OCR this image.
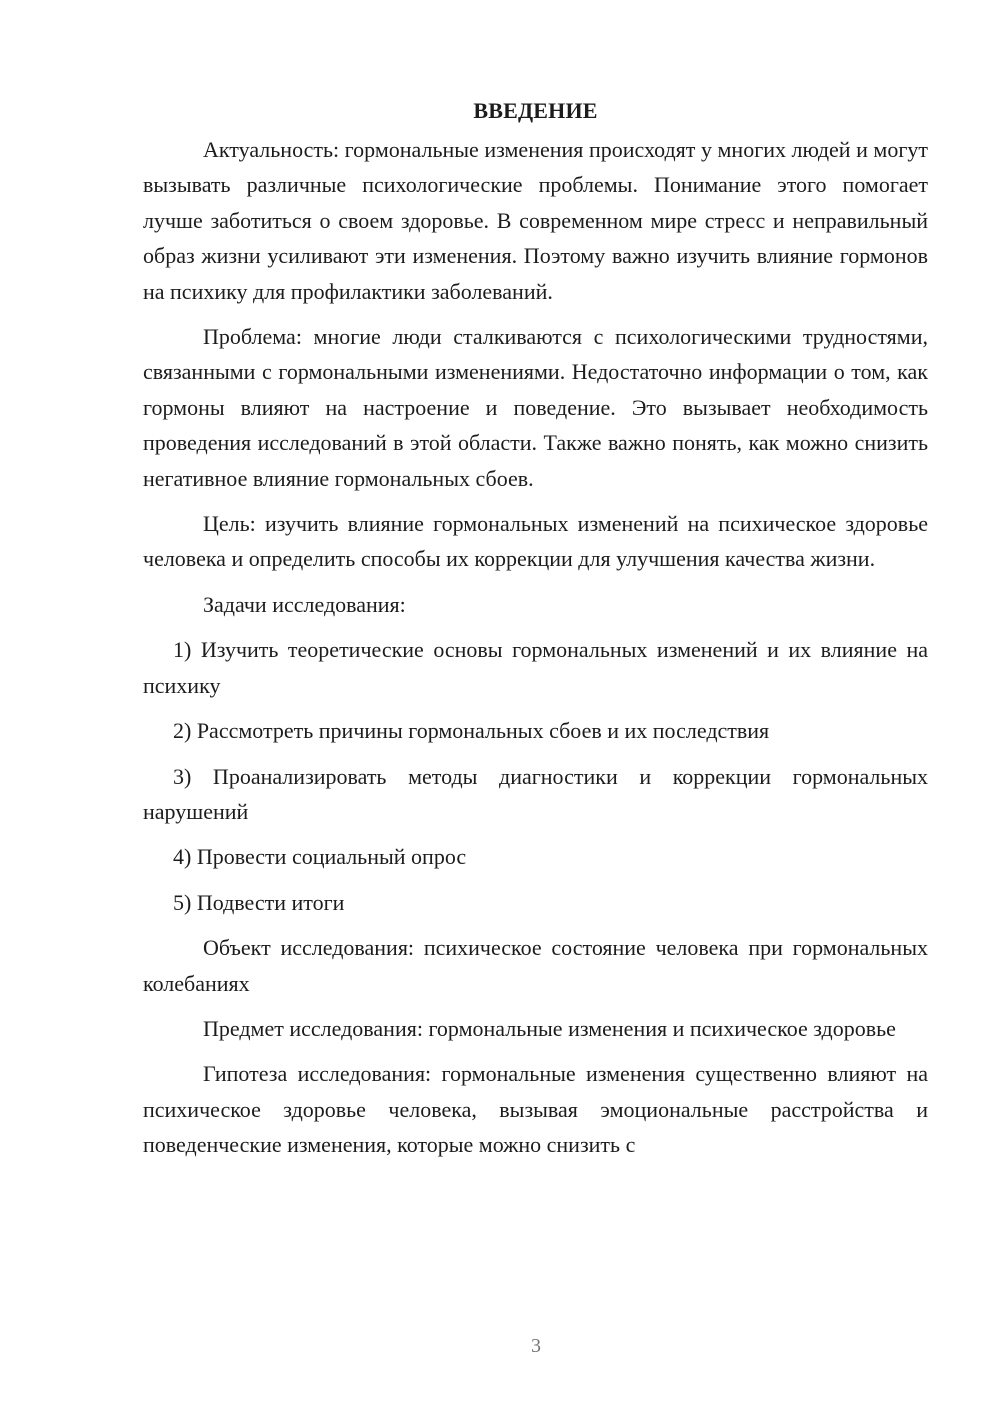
ВВЕДЕНИЕ

Актуальность: гормональные изменения происходят у многих людей и могут вызывать различные психологические проблемы. Понимание этого помогает лучше заботиться о своем здоровье. В современном мире стресс и неправильный образ жизни усиливают эти изменения. Поэтому важно изучить влияние гормонов на психику для профилактики заболеваний.

Проблема: многие люди сталкиваются с психологическими трудностями, связанными с гормональными изменениями. Недостаточно информации о том, как гормоны влияют на настроение и поведение. Это вызывает необходимость проведения исследований в этой области. Также важно понять, как можно снизить негативное влияние гормональных сбоев.

Цель: изучить влияние гормональных изменений на психическое здоровье человека и определить способы их коррекции для улучшения качества жизни.

Задачи исследования:

1) Изучить теоретические основы гормональных изменений и их влияние на психику

2) Рассмотреть причины гормональных сбоев и их последствия

3) Проанализировать методы диагностики и коррекции гормональных нарушений

4) Провести социальный опрос

5) Подвести итоги

Объект исследования: психическое состояние человека при гормональных колебаниях

Предмет исследования: гормональные изменения и психическое здоровье

Гипотеза исследования: гормональные изменения существенно влияют на психическое здоровье человека, вызывая эмоциональные расстройства и поведенческие изменения, которые можно снизить с

3
